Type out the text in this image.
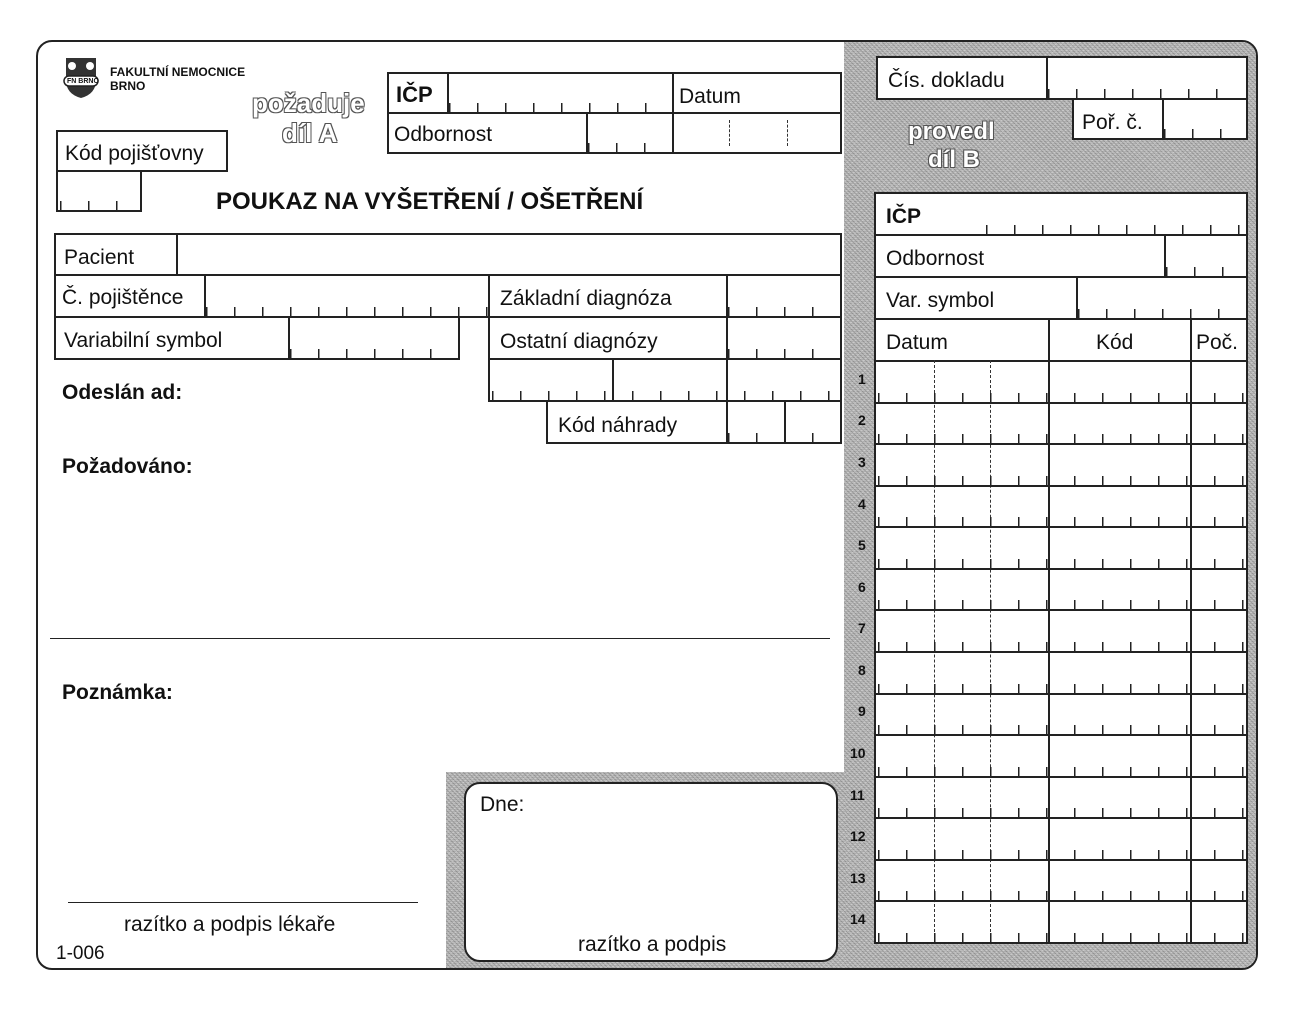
FN BRNO
FAKULTNÍ NEMOCNICE
BRNO
požaduje
díl A
IČP	Datum
Odbornost
Kód pojišťovny
POUKAZ NA VYŠETŘENÍ / OŠETŘENÍ
Pacient
Č. pojištěnce
Variabilní symbol
Základní diagnóza
Ostatní diagnózy
Kód náhrady
Odeslán ad:
Požadováno:
Poznámka:
razítko a podpis lékaře
1-006
Dne:
razítko a podpis
Čís. dokladu
Poř. č.
provedl
díl B
IČP
Odbornost
Var. symbol
Datum	Kód	Poč.
1
2
3
4
5
6
7
8
9
10
11
12
13
14
